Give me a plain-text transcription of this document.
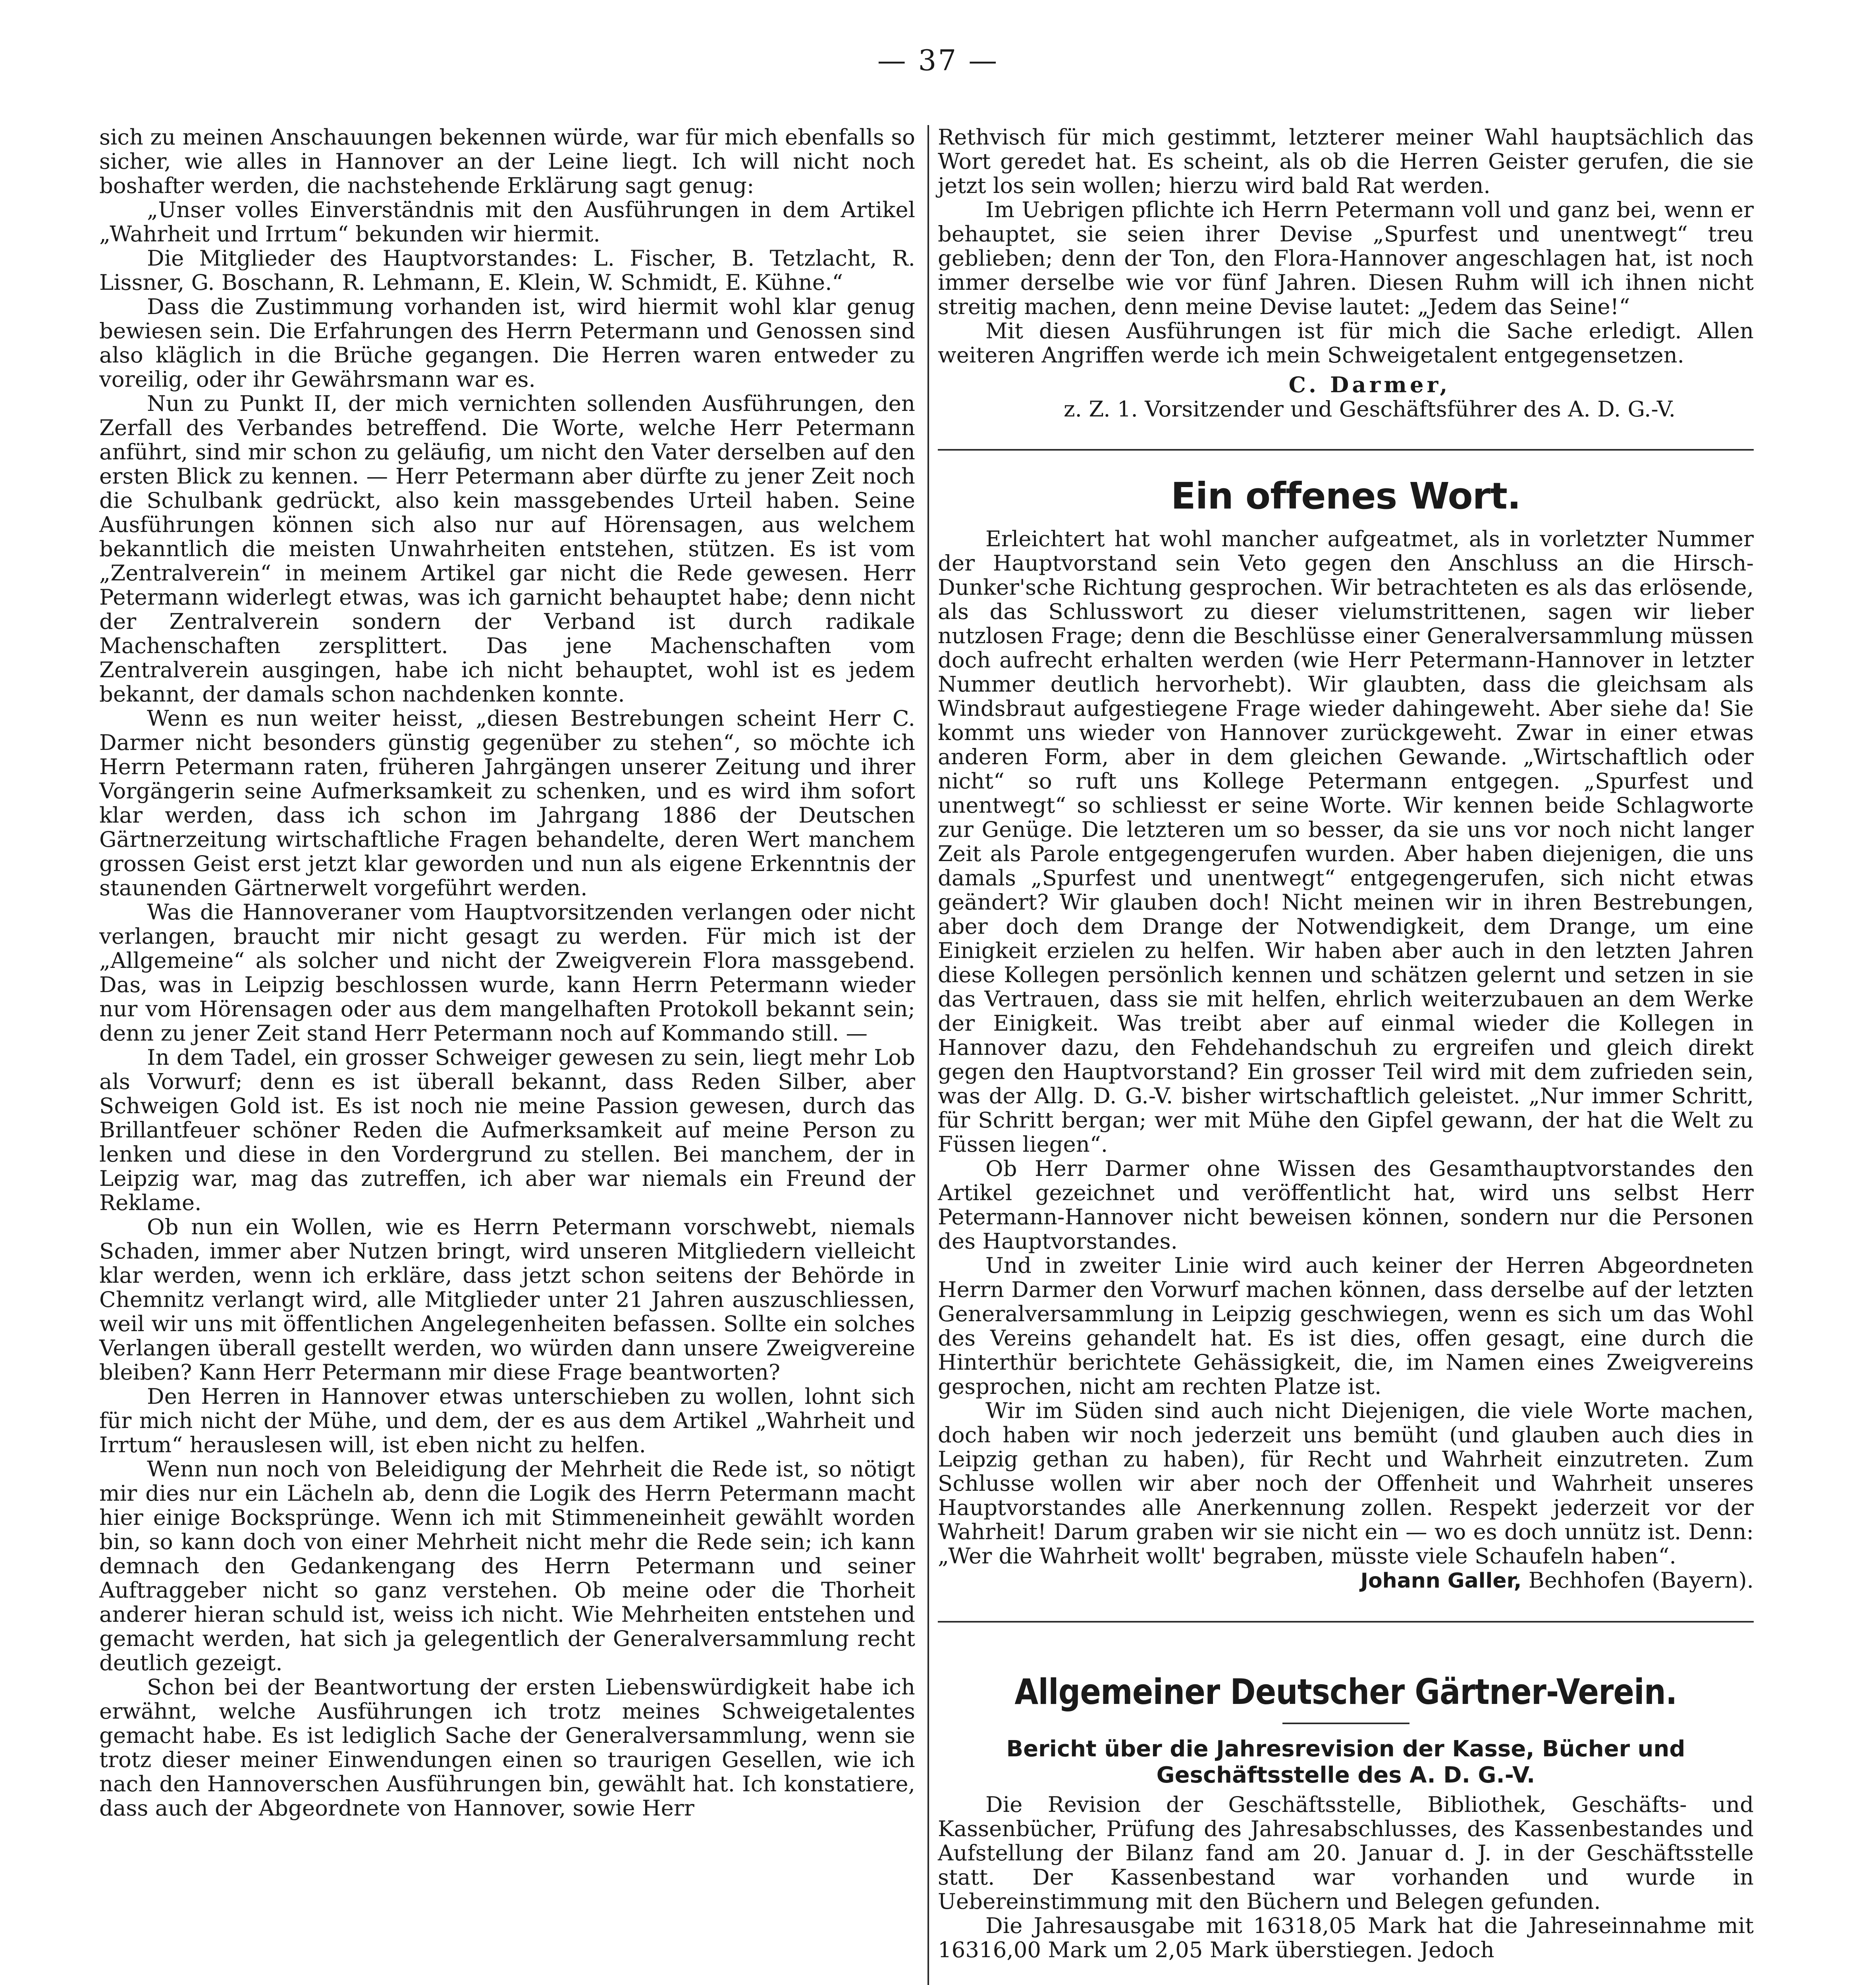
— 37 —

sich zu meinen Anschauungen bekennen würde, war für mich ebenfalls so sicher, wie alles in Hannover an der Leine liegt. Ich will nicht noch boshafter werden, die nachstehende Erklärung sagt genug:

„Unser volles Einverständnis mit den Ausführungen in dem Artikel „Wahrheit und Irrtum“ bekunden wir hiermit.

Die Mitglieder des Hauptvorstandes: L. Fischer, B. Tetzlacht, R. Lissner, G. Boschann, R. Lehmann, E. Klein, W. Schmidt, E. Kühne.“

Dass die Zustimmung vorhanden ist, wird hiermit wohl klar genug bewiesen sein. Die Erfahrungen des Herrn Petermann und Genossen sind also kläglich in die Brüche gegangen. Die Herren waren entweder zu voreilig, oder ihr Gewährsmann war es.

Nun zu Punkt II, der mich vernichten sollenden Ausführungen, den Zerfall des Verbandes betreffend. Die Worte, welche Herr Petermann anführt, sind mir schon zu geläufig, um nicht den Vater derselben auf den ersten Blick zu kennen. — Herr Petermann aber dürfte zu jener Zeit noch die Schulbank gedrückt, also kein massgebendes Urteil haben. Seine Ausführungen können sich also nur auf Hörensagen, aus welchem bekanntlich die meisten Unwahrheiten entstehen, stützen. Es ist vom „Zentralverein“ in meinem Artikel gar nicht die Rede gewesen. Herr Petermann widerlegt etwas, was ich garnicht behauptet habe; denn nicht der Zentralverein sondern der Verband ist durch radikale Machenschaften zersplittert. Das jene Machenschaften vom Zentralverein ausgingen, habe ich nicht behauptet, wohl ist es jedem bekannt, der damals schon nachdenken konnte.

Wenn es nun weiter heisst, „diesen Bestrebungen scheint Herr C. Darmer nicht besonders günstig gegenüber zu stehen“, so möchte ich Herrn Petermann raten, früheren Jahrgängen unserer Zeitung und ihrer Vorgängerin seine Aufmerksamkeit zu schenken, und es wird ihm sofort klar werden, dass ich schon im Jahrgang 1886 der Deutschen Gärtnerzeitung wirtschaftliche Fragen behandelte, deren Wert manchem grossen Geist erst jetzt klar geworden und nun als eigene Erkenntnis der staunenden Gärtnerwelt vorgeführt werden.

Was die Hannoveraner vom Hauptvorsitzenden verlangen oder nicht verlangen, braucht mir nicht gesagt zu werden. Für mich ist der „Allgemeine“ als solcher und nicht der Zweigverein Flora massgebend. Das, was in Leipzig beschlossen wurde, kann Herrn Petermann wieder nur vom Hörensagen oder aus dem mangelhaften Protokoll bekannt sein; denn zu jener Zeit stand Herr Petermann noch auf Kommando still. —

In dem Tadel, ein grosser Schweiger gewesen zu sein, liegt mehr Lob als Vorwurf; denn es ist überall bekannt, dass Reden Silber, aber Schweigen Gold ist. Es ist noch nie meine Passion gewesen, durch das Brillantfeuer schöner Reden die Aufmerksamkeit auf meine Person zu lenken und diese in den Vordergrund zu stellen. Bei manchem, der in Leipzig war, mag das zutreffen, ich aber war niemals ein Freund der Reklame.

Ob nun ein Wollen, wie es Herrn Petermann vorschwebt, niemals Schaden, immer aber Nutzen bringt, wird unseren Mitgliedern vielleicht klar werden, wenn ich erkläre, dass jetzt schon seitens der Behörde in Chemnitz verlangt wird, alle Mitglieder unter 21 Jahren auszuschliessen, weil wir uns mit öffentlichen Angelegenheiten befassen. Sollte ein solches Verlangen überall gestellt werden, wo würden dann unsere Zweigvereine bleiben? Kann Herr Petermann mir diese Frage beantworten?

Den Herren in Hannover etwas unterschieben zu wollen, lohnt sich für mich nicht der Mühe, und dem, der es aus dem Artikel „Wahrheit und Irrtum“ herauslesen will, ist eben nicht zu helfen.

Wenn nun noch von Beleidigung der Mehrheit die Rede ist, so nötigt mir dies nur ein Lächeln ab, denn die Logik des Herrn Petermann macht hier einige Bocksprünge. Wenn ich mit Stimmeneinheit gewählt worden bin, so kann doch von einer Mehrheit nicht mehr die Rede sein; ich kann demnach den Gedankengang des Herrn Petermann und seiner Auftraggeber nicht so ganz verstehen. Ob meine oder die Thorheit anderer hieran schuld ist, weiss ich nicht. Wie Mehrheiten entstehen und gemacht werden, hat sich ja gelegentlich der Generalversammlung recht deutlich gezeigt.

Schon bei der Beantwortung der ersten Liebenswürdigkeit habe ich erwähnt, welche Ausführungen ich trotz meines Schweigetalentes gemacht habe. Es ist lediglich Sache der Generalversammlung, wenn sie trotz dieser meiner Einwendungen einen so traurigen Gesellen, wie ich nach den Hannoverschen Ausführungen bin, gewählt hat. Ich konstatiere, dass auch der Abgeordnete von Hannover, sowie Herr

Rethvisch für mich gestimmt, letzterer meiner Wahl hauptsächlich das Wort geredet hat. Es scheint, als ob die Herren Geister gerufen, die sie jetzt los sein wollen; hierzu wird bald Rat werden.

Im Uebrigen pflichte ich Herrn Petermann voll und ganz bei, wenn er behauptet, sie seien ihrer Devise „Spurfest und unentwegt“ treu geblieben; denn der Ton, den Flora-Hannover angeschlagen hat, ist noch immer derselbe wie vor fünf Jahren. Diesen Ruhm will ich ihnen nicht streitig machen, denn meine Devise lautet: „Jedem das Seine!“

Mit diesen Ausführungen ist für mich die Sache erledigt. Allen weiteren Angriffen werde ich mein Schweigetalent entgegensetzen.

C. Darmer,

z. Z. 1. Vorsitzender und Geschäftsführer des A. D. G.-V.

Ein offenes Wort.

Erleichtert hat wohl mancher aufgeatmet, als in vorletzter Nummer der Hauptvorstand sein Veto gegen den Anschluss an die Hirsch-Dunker'sche Richtung gesprochen. Wir betrachteten es als das erlösende, als das Schlusswort zu dieser vielumstrittenen, sagen wir lieber nutzlosen Frage; denn die Beschlüsse einer Generalversammlung müssen doch aufrecht erhalten werden (wie Herr Petermann-Hannover in letzter Nummer deutlich hervorhebt). Wir glaubten, dass die gleichsam als Windsbraut aufgestiegene Frage wieder dahingeweht. Aber siehe da! Sie kommt uns wieder von Hannover zurückgeweht. Zwar in einer etwas anderen Form, aber in dem gleichen Gewande. „Wirtschaftlich oder nicht“ so ruft uns Kollege Petermann entgegen. „Spurfest und unentwegt“ so schliesst er seine Worte. Wir kennen beide Schlagworte zur Genüge. Die letzteren um so besser, da sie uns vor noch nicht langer Zeit als Parole entgegengerufen wurden. Aber haben diejenigen, die uns damals „Spurfest und unentwegt“ entgegengerufen, sich nicht etwas geändert? Wir glauben doch! Nicht meinen wir in ihren Bestrebungen, aber doch dem Drange der Notwendigkeit, dem Drange, um eine Einigkeit erzielen zu helfen. Wir haben aber auch in den letzten Jahren diese Kollegen persönlich kennen und schätzen gelernt und setzen in sie das Vertrauen, dass sie mit helfen, ehrlich weiterzubauen an dem Werke der Einigkeit. Was treibt aber auf einmal wieder die Kollegen in Hannover dazu, den Fehdehandschuh zu ergreifen und gleich direkt gegen den Hauptvorstand? Ein grosser Teil wird mit dem zufrieden sein, was der Allg. D. G.-V. bisher wirtschaftlich geleistet. „Nur immer Schritt, für Schritt bergan; wer mit Mühe den Gipfel gewann, der hat die Welt zu Füssen liegen“.

Ob Herr Darmer ohne Wissen des Gesamthauptvorstandes den Artikel gezeichnet und veröffentlicht hat, wird uns selbst Herr Petermann-Hannover nicht beweisen können, sondern nur die Personen des Hauptvorstandes.

Und in zweiter Linie wird auch keiner der Herren Abgeordneten Herrn Darmer den Vorwurf machen können, dass derselbe auf der letzten Generalversammlung in Leipzig geschwiegen, wenn es sich um das Wohl des Vereins gehandelt hat. Es ist dies, offen gesagt, eine durch die Hinterthür berichtete Gehässigkeit, die, im Namen eines Zweigvereins gesprochen, nicht am rechten Platze ist.

Wir im Süden sind auch nicht Diejenigen, die viele Worte machen, doch haben wir noch jederzeit uns bemüht (und glauben auch dies in Leipzig gethan zu haben), für Recht und Wahrheit einzutreten. Zum Schlusse wollen wir aber noch der Offenheit und Wahrheit unseres Hauptvorstandes alle Anerkennung zollen. Respekt jederzeit vor der Wahrheit! Darum graben wir sie nicht ein — wo es doch unnütz ist. Denn: „Wer die Wahrheit wollt' begraben, müsste viele Schaufeln haben“.

Johann Galler, Bechhofen (Bayern).

Allgemeiner Deutscher Gärtner-Verein.
Bericht über die Jahresrevision der Kasse, Bücher und Geschäftsstelle des A. D. G.-V.

Die Revision der Geschäftsstelle, Bibliothek, Geschäfts- und Kassenbücher, Prüfung des Jahresabschlusses, des Kassenbestandes und Aufstellung der Bilanz fand am 20. Januar d. J. in der Geschäftsstelle statt. Der Kassenbestand war vorhanden und wurde in Uebereinstimmung mit den Büchern und Belegen gefunden.

Die Jahresausgabe mit 16318,05 Mark hat die Jahreseinnahme mit 16316,00 Mark um 2,05 Mark überstiegen. Jedoch
